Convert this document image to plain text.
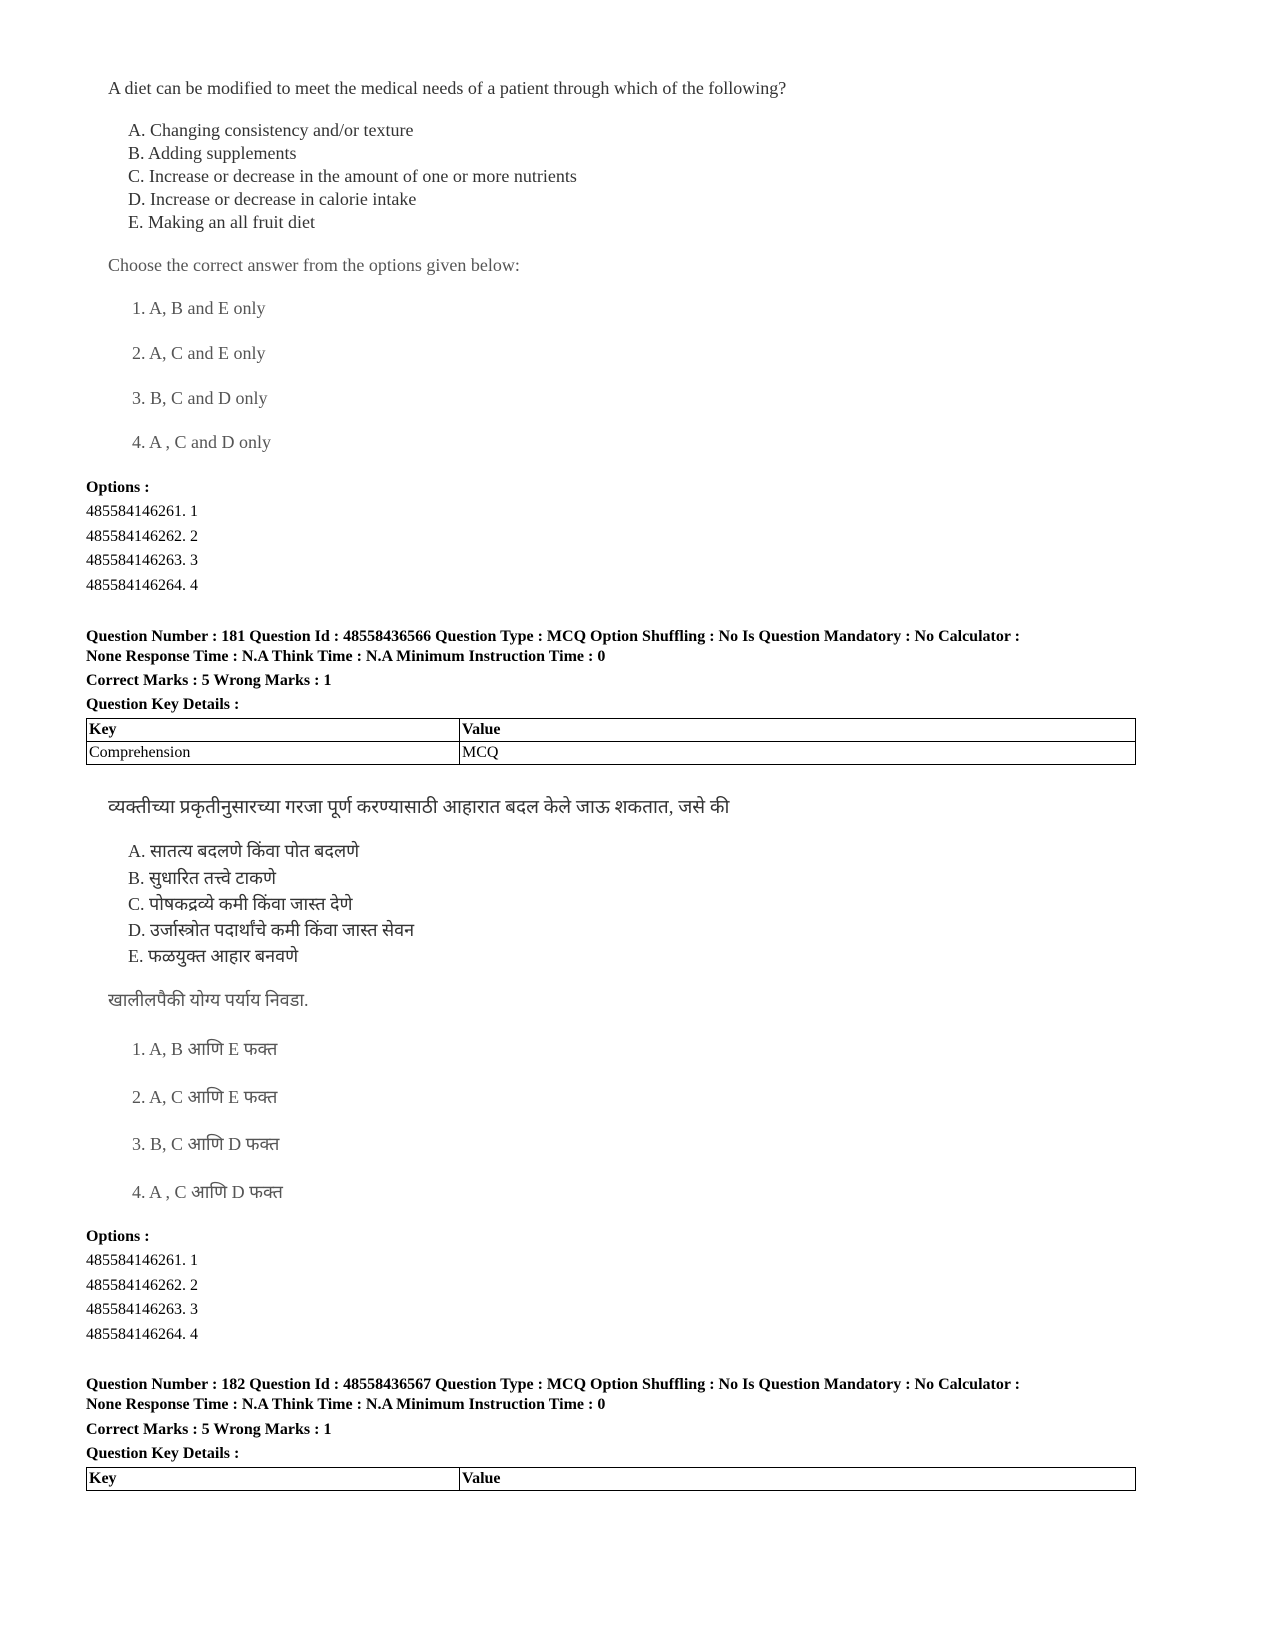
A diet can be modified to meet the medical needs of a patient through which of the following?
A. Changing consistency and/or texture
B. Adding supplements
C. Increase or decrease in the amount of one or more nutrients
D. Increase or decrease in calorie intake
E. Making an all fruit diet
Choose the correct answer from the options given below:
1. A, B and E only
2. A, C and E only
3. B, C and D only
4. A , C and D only
Options :
485584146261. 1
485584146262. 2
485584146263. 3
485584146264. 4
Question Number : 181 Question Id : 48558436566 Question Type : MCQ Option Shuffling : No Is Question Mandatory : No Calculator :
None Response Time : N.A Think Time : N.A Minimum Instruction Time : 0
Correct Marks : 5 Wrong Marks : 1
Question Key Details :
Key	Value
Comprehension	MCQ
व्यक्तीच्या प्रकृतीनुसारच्या गरजा पूर्ण करण्यासाठी आहारात बदल केले जाऊ शकतात, जसे की
A. सातत्य बदलणे किंवा पोत बदलणे
B. सुधारित तत्त्वे टाकणे
C. पोषकद्रव्ये कमी किंवा जास्त देणे
D. उर्जास्त्रोत पदार्थांचे कमी किंवा जास्त सेवन
E. फळयुक्त आहार बनवणे
खालीलपैकी योग्य पर्याय निवडा.
1. A, B आणि E फक्त
2. A, C आणि E फक्त
3. B, C आणि D फक्त
4. A , C आणि D फक्त
Options :
485584146261. 1
485584146262. 2
485584146263. 3
485584146264. 4
Question Number : 182 Question Id : 48558436567 Question Type : MCQ Option Shuffling : No Is Question Mandatory : No Calculator :
None Response Time : N.A Think Time : N.A Minimum Instruction Time : 0
Correct Marks : 5 Wrong Marks : 1
Question Key Details :
Key	Value
